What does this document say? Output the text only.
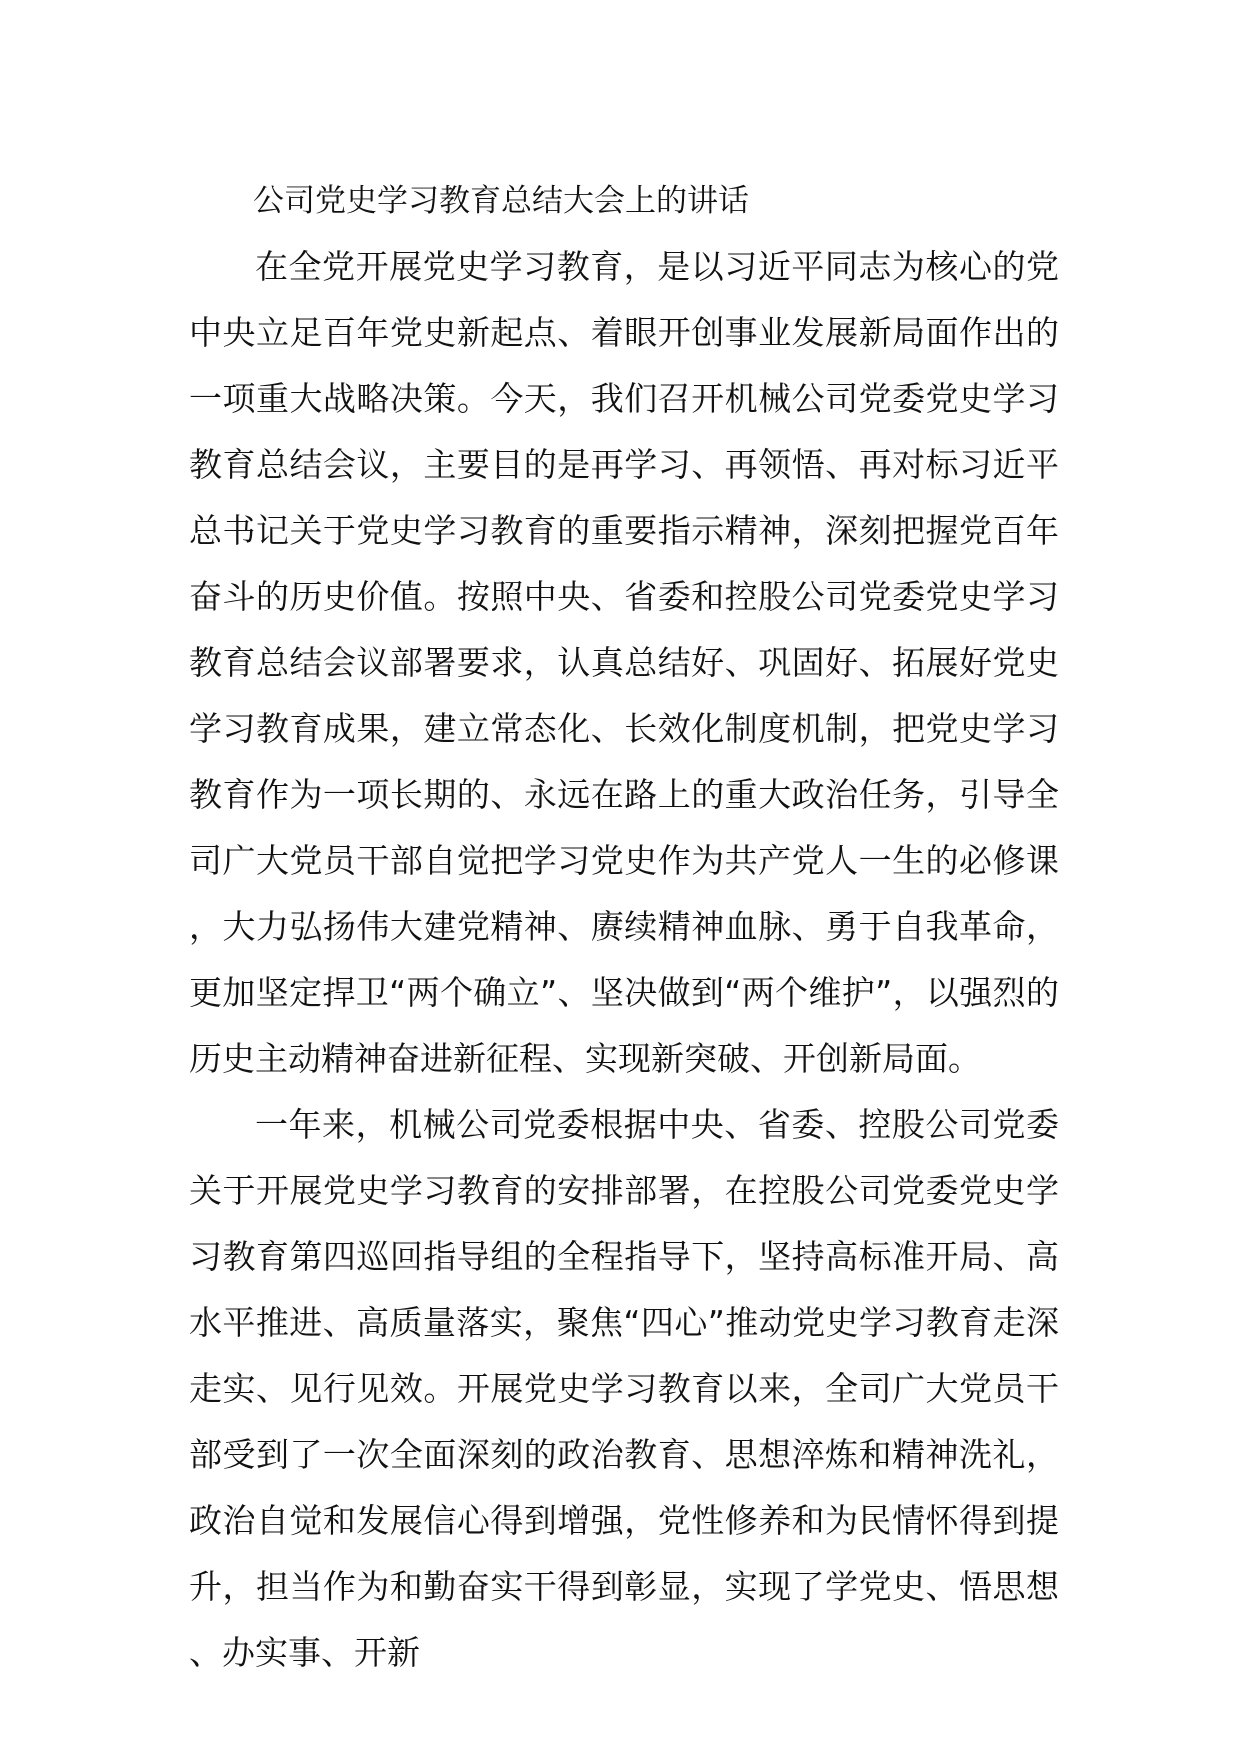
公司党史学习教育总结大会上的讲话

在全党开展党史学习教育，是以习近平同志为核心的党中央立足百年党史新起点、着眼开创事业发展新局面作出的一项重大战略决策。今天，我们召开机械公司党委党史学习教育总结会议，主要目的是再学习、再领悟、再对标习近平总书记关于党史学习教育的重要指示精神，深刻把握党百年奋斗的历史价值。按照中央、省委和控股公司党委党史学习教育总结会议部署要求，认真总结好、巩固好、拓展好党史学习教育成果，建立常态化、长效化制度机制，把党史学习教育作为一项长期的、永远在路上的重大政治任务，引导全司广大党员干部自觉把学习党史作为共产党人一生的必修课，大力弘扬伟大建党精神、赓续精神血脉、勇于自我革命，更加坚定捍卫“两个确立”、坚决做到“两个维护”，以强烈的历史主动精神奋进新征程、实现新突破、开创新局面。

一年来，机械公司党委根据中央、省委、控股公司党委关于开展党史学习教育的安排部署，在控股公司党委党史学习教育第四巡回指导组的全程指导下，坚持高标准开局、高水平推进、高质量落实，聚焦“四心”推动党史学习教育走深走实、见行见效。开展党史学习教育以来，全司广大党员干部受到了一次全面深刻的政治教育、思想淬炼和精神洗礼，政治自觉和发展信心得到增强，党性修养和为民情怀得到提升，担当作为和勤奋实干得到彰显，实现了学党史、悟思想、办实事、开新
